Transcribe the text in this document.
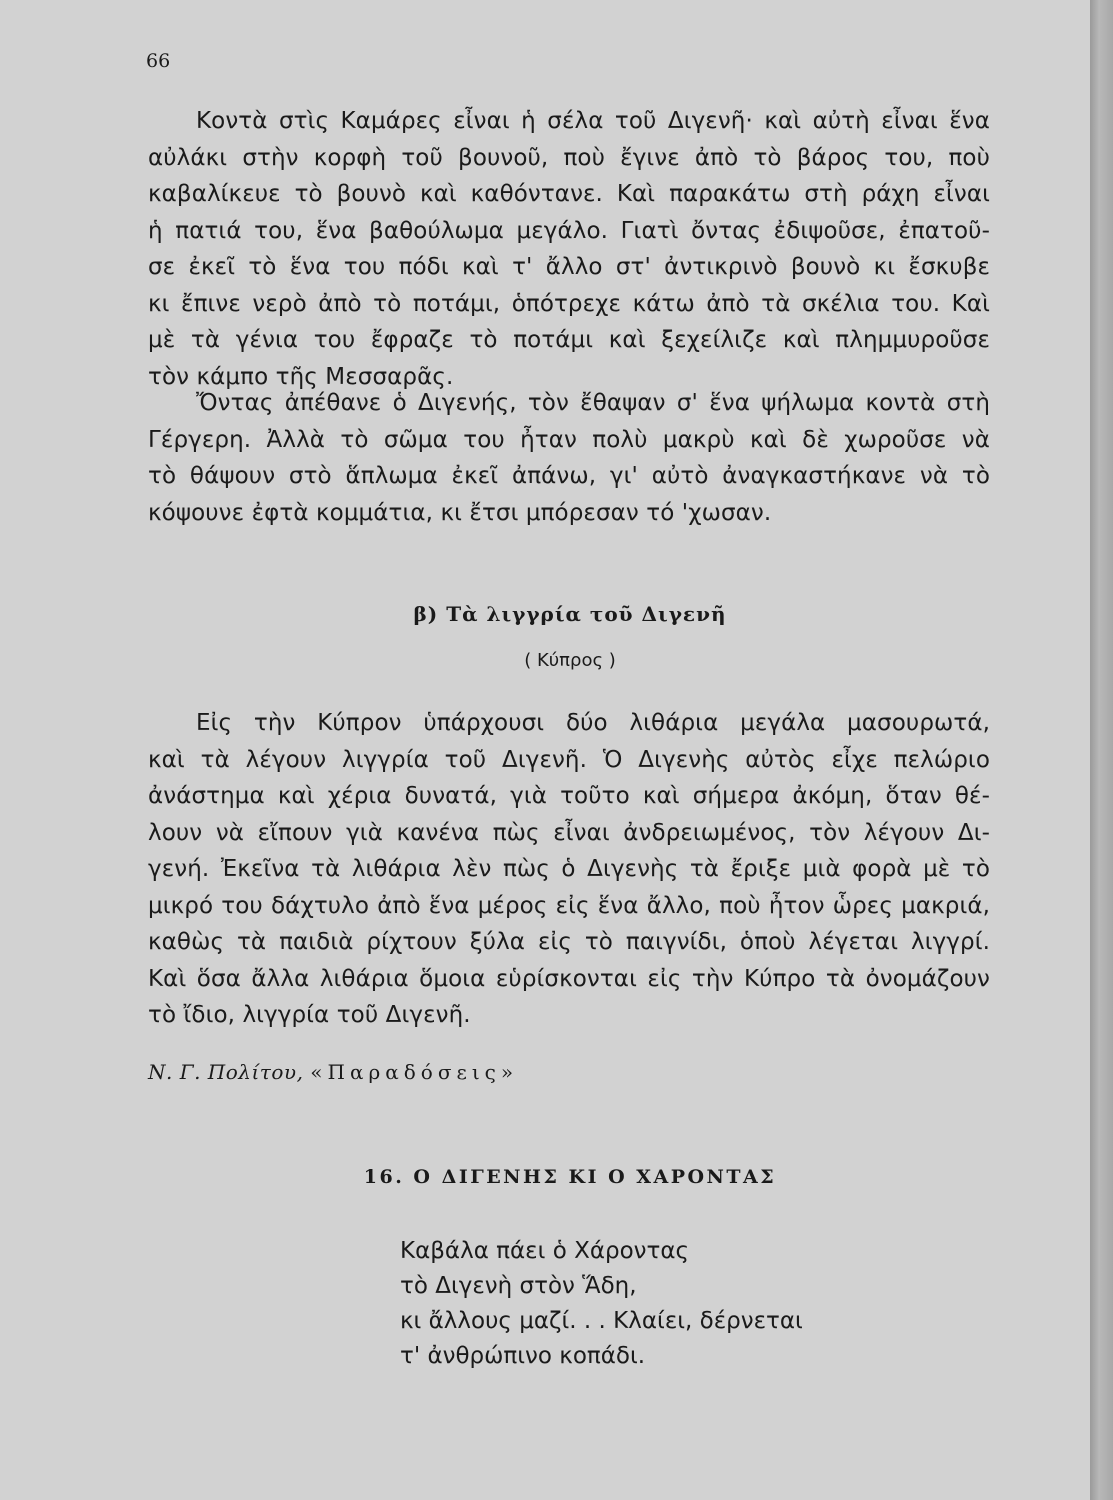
66
Κοντὰ στὶς Καμάρες εἶναι ἡ σέλα τοῦ Διγενῆ· καὶ αὐτὴ εἶναι ἕνα
αὐλάκι στὴν κορφὴ τοῦ βουνοῦ, ποὺ ἔγινε ἀπὸ τὸ βάρος του, ποὺ
καβαλίκευε τὸ βουνὸ καὶ καθόντανε. Καὶ παρακάτω στὴ ράχη εἶναι
ἡ πατιά του, ἕνα βαθούλωμα μεγάλο. Γιατὶ ὄντας ἐδιψοῦσε, ἐπατοῦ-
σε ἐκεῖ τὸ ἕνα του πόδι καὶ τ' ἄλλο στ' ἀντικρινὸ βουνὸ κι ἔσκυβε
κι ἔπινε νερὸ ἀπὸ τὸ ποτάμι, ὁπότρεχε κάτω ἀπὸ τὰ σκέλια του. Καὶ
μὲ τὰ γένια του ἔφραζε τὸ ποτάμι καὶ ξεχείλιζε καὶ πλημμυροῦσε
τὸν κάμπο τῆς Μεσσαρᾶς.
Ὄντας ἀπέθανε ὁ Διγενής, τὸν ἔθαψαν σ' ἕνα ψήλωμα κοντὰ στὴ
Γέργερη. Ἀλλὰ τὸ σῶμα του ἦταν πολὺ μακρὺ καὶ δὲ χωροῦσε νὰ
τὸ θάψουν στὸ ἅπλωμα ἐκεῖ ἀπάνω, γι' αὐτὸ ἀναγκαστήκανε νὰ τὸ
κόψουνε ἐφτὰ κομμάτια, κι ἔτσι μπόρεσαν τό 'χωσαν.
β) Τὰ λιγγρία τοῦ Διγενῆ
( Κύπρος )
Εἰς τὴν Κύπρον ὑπάρχουσι δύο λιθάρια μεγάλα μασουρωτά,
καὶ τὰ λέγουν λιγγρία τοῦ Διγενῆ. Ὁ Διγενὴς αὐτὸς εἶχε πελώριο
ἀνάστημα καὶ χέρια δυνατά, γιὰ τοῦτο καὶ σήμερα ἀκόμη, ὅταν θέ-
λουν νὰ εἴπουν γιὰ κανένα πὼς εἶναι ἀνδρειωμένος, τὸν λέγουν Δι-
γενή. Ἐκεῖνα τὰ λιθάρια λὲν πὼς ὁ Διγενὴς τὰ ἔριξε μιὰ φορὰ μὲ τὸ
μικρό του δάχτυλο ἀπὸ ἕνα μέρος εἰς ἕνα ἄλλο, ποὺ ἦτον ὧρες μακριά,
καθὼς τὰ παιδιὰ ρίχτουν ξύλα εἰς τὸ παιγνίδι, ὁποὺ λέγεται λιγγρί.
Καὶ ὅσα ἄλλα λιθάρια ὅμοια εὑρίσκονται εἰς τὴν Κύπρο τὰ ὀνομάζουν
τὸ ἴδιο, λιγγρία τοῦ Διγενῆ.
Ν. Γ. Πολίτου, «Παραδόσεις»
16. Ο ΔΙΓΕΝΗΣ ΚΙ Ο ΧΑΡΟΝΤΑΣ
Καβάλα πάει ὁ Χάροντας
τὸ Διγενὴ στὸν Ἅδη,
κι ἄλλους μαζί. . . Κλαίει, δέρνεται
τ' ἀνθρώπινο κοπάδι.
